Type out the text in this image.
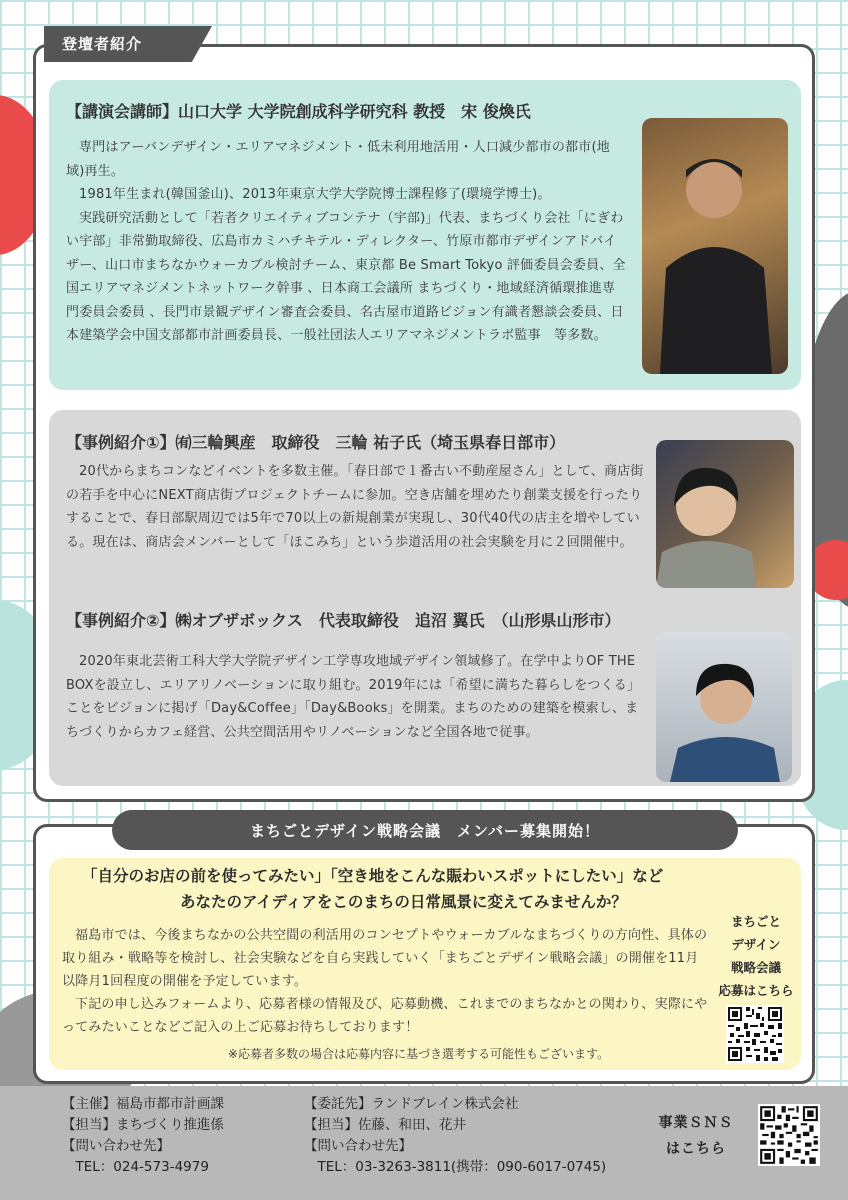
登壇者紹介
【講演会講師】山口大学 大学院創成科学研究科 教授　宋 俊煥氏

専門はアーバンデザイン・エリアマネジメント・低未利用地活用・人口減少都市の都市(地域)再生。

1981年生まれ(韓国釜山)、2013年東京大学大学院博士課程修了(環境学博士)。

実践研究活動として「若者クリエイティブコンテナ（宇部)」代表、まちづくり会社「にぎわい宇部」非常勤取締役、広島市カミハチキテル・ディレクター、竹原市都市デザインアドバイザー、山口市まちなかウォーカブル検討チーム、東京都 Be Smart Tokyo 評価委員会委員、全国エリアマネジメントネットワーク幹事 、日本商工会議所 まちづくり・地域経済循環推進専門委員会委員 、長門市景観デザイン審査会委員、名古屋市道路ビジョン有識者懇談会委員、日本建築学会中国支部都市計画委員長、一般社団法人エリアマネジメントラボ監事　等多数。

【事例紹介①】㈲三輪興産　取締役　三輪 祐子氏（埼玉県春日部市）

20代からまちコンなどイベントを多数主催。「春日部で１番古い不動産屋さん」として、商店街の若手を中心にNEXT商店街プロジェクトチームに参加。空き店舗を埋めたり創業支援を行ったりすることで、春日部駅周辺では5年で70以上の新規創業が実現し、30代40代の店主を増やしている。現在は、商店会メンバーとして「ほこみち」という歩道活用の社会実験を月に２回開催中。

【事例紹介②】㈱オブザボックス　代表取締役　追沼 翼氏　（山形県山形市）

2020年東北芸術工科大学大学院デザイン工学専攻地域デザイン領域修了。在学中よりOF THE BOXを設立し、エリアリノベーションに取り組む。2019年には「希望に満ちた暮らしをつくる」ことをビジョンに掲げ「Day&Coffee」「Day&Books」を開業。まちのための建築を模索し、まちづくりからカフェ経営、公共空間活用やリノベーションなど全国各地で従事。

まちごとデザイン戦略会議　メンバー募集開始！
「自分のお店の前を使ってみたい」「空き地をこんな賑わいスポットにしたい」など
あなたのアイディアをこのまちの日常風景に変えてみませんか？

福島市では、今後まちなかの公共空間の利活用のコンセプトやウォーカブルなまちづくりの方向性、具体の取り組み・戦略等を検討し、社会実験などを自ら実践していく「まちごとデザイン戦略会議」の開催を11月以降月1回程度の開催を予定しています。

下記の申し込みフォームより、応募者様の情報及び、応募動機、これまでのまちなかとの関わり、実際にやってみたいことなどご記入の上ご応募お待ちしております！

※応募者多数の場合は応募内容に基づき選考する可能性もございます。
まちごと
デザイン
戦略会議
応募はこちら
【主催】福島市都市計画課
【担当】まちづくり推進係
【問い合わせ先】
　TEL：024-573-4979
【委託先】ランドブレイン株式会社
【担当】佐藤、和田、花井
【問い合わせ先】
　TEL：03-3263-3811(携帯：090-6017-0745)
事業ＳＮＳ
はこちら
